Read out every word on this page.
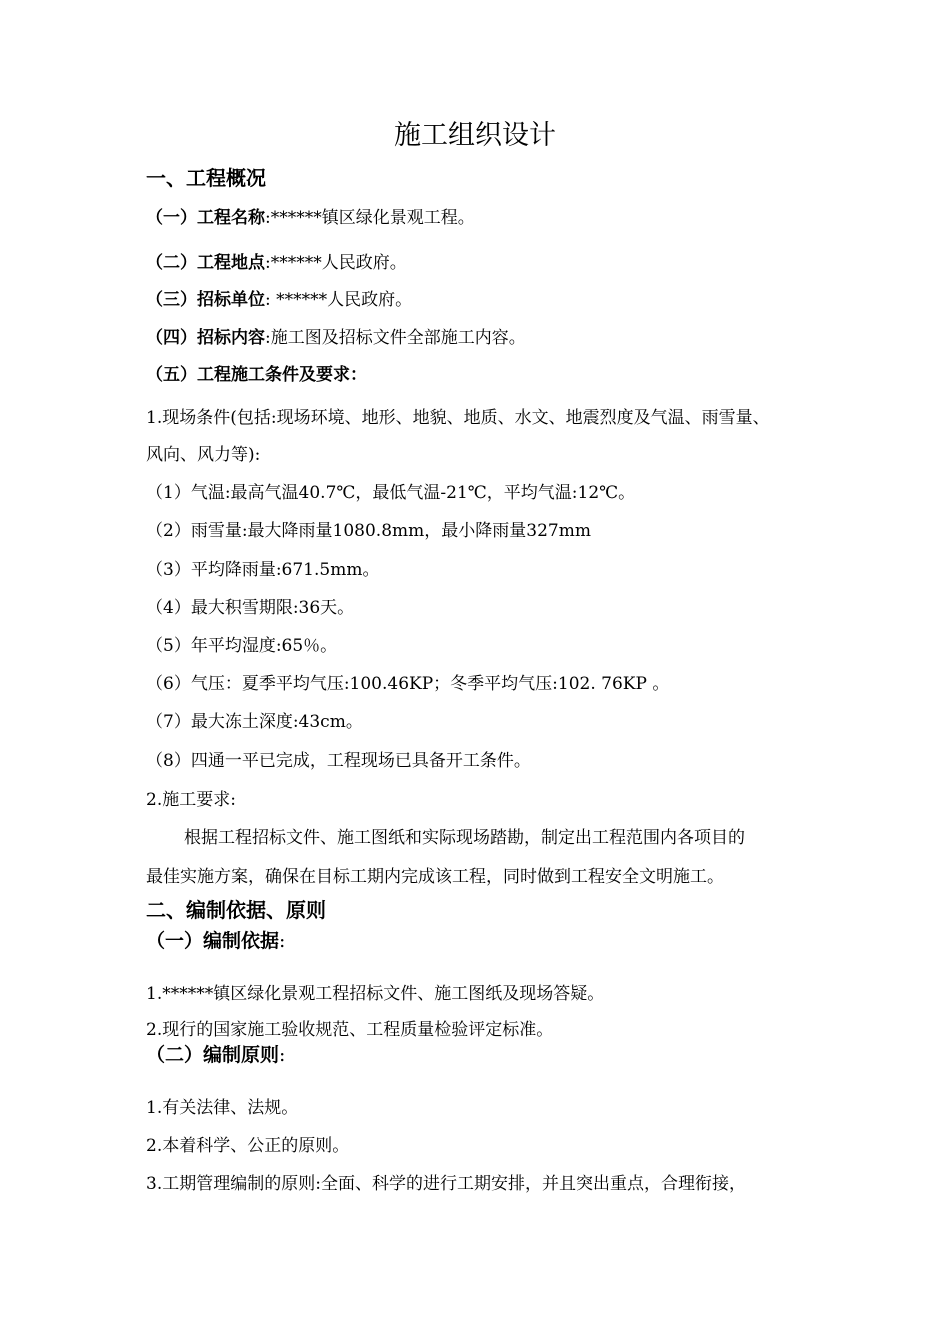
施工组织设计
一、工程概况
（一）工程名称:******镇区绿化景观工程。
（二）工程地点:******人民政府。
（三）招标单位: ******人民政府。
（四）招标内容:施工图及招标文件全部施工内容。
（五）工程施工条件及要求：
1.现场条件(包括:现场环境、地形、地貌、地质、水文、地震烈度及气温、雨雪量、
风向、风力等):
（1）气温:最高气温40.7℃，最低气温-21℃，平均气温:12℃。
（2）雨雪量:最大降雨量1080.8mm，最小降雨量327mm
（3）平均降雨量:671.5mm。
（4）最大积雪期限:36天。
（5）年平均湿度:65％。
（6）气压：夏季平均气压:100.46KP；冬季平均气压:102. 76KP 。
（7）最大冻土深度:43cm。
（8）四通一平已完成，工程现场已具备开工条件。
2.施工要求:
根据工程招标文件、施工图纸和实际现场踏勘，制定出工程范围内各项目的
最佳实施方案，确保在目标工期内完成该工程，同时做到工程安全文明施工。
二、编制依据、原则
（一）编制依据:
1.******镇区绿化景观工程招标文件、施工图纸及现场答疑。
2.现行的国家施工验收规范、工程质量检验评定标准。
（二）编制原则:
1.有关法律、法规。
2.本着科学、公正的原则。
3.工期管理编制的原则:全面、科学的进行工期安排，并且突出重点，合理衔接，
